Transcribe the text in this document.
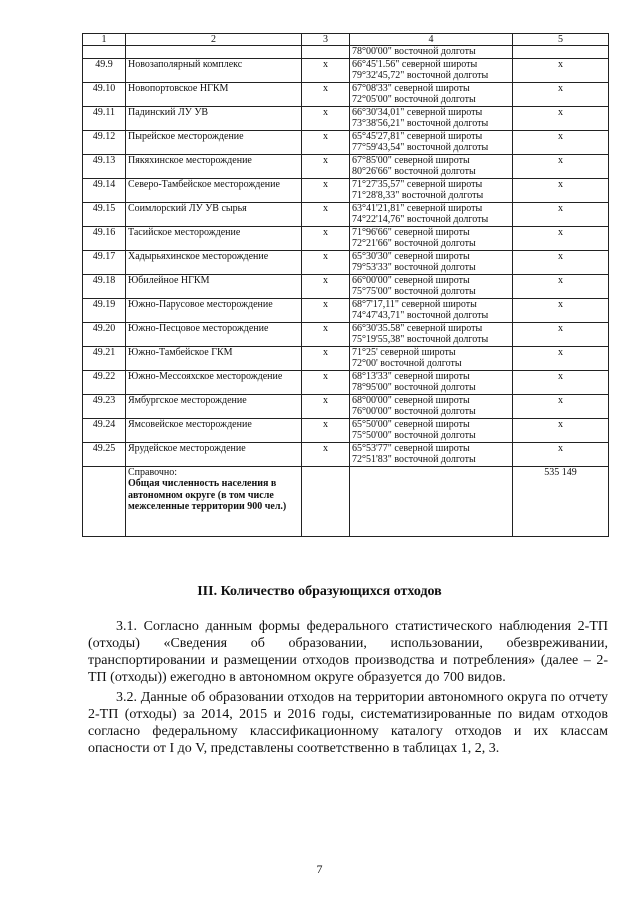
1	2	3	4	5
			78°00'00" восточной долготы	
49.9	Новозаполярный комплекс	x	66°45'1.56" северной широты
79°32'45,72" восточной долготы	x
49.10	Новопортовское НГКМ	x	67°08'33" северной широты
72°05'00" восточной долготы	x
49.11	Падинский ЛУ УВ	x	66°30'34,01" северной широты
73°38'56,21" восточной долготы	x
49.12	Пырейское месторождение	x	65°45'27,81" северной широты
77°59'43,54" восточной долготы	x
49.13	Пякяхинское месторождение	x	67°85'00" северной широты
80°26'66" восточной долготы	x
49.14	Северо-Тамбейское месторождение	x	71°27'35,57" северной широты
71°28'8,33" восточной долготы	x
49.15	Соимлорский ЛУ УВ сырья	x	63°41'21,81" северной широты
74°22'14,76" восточной долготы	x
49.16	Тасийское месторождение	x	71°96'66" северной широты
72°21'66" восточной долготы	x
49.17	Хадырьяхинское месторождение	x	65°30'30" северной широты
79°53'33" восточной долготы	x
49.18	Юбилейное НГКМ	x	66°00'00" северной широты
75°75'00" восточной долготы	x
49.19	Южно-Парусовое месторождение	x	68°7'17,11" северной широты
74°47'43,71" восточной долготы	x
49.20	Южно-Песцовое месторождение	x	66°30'35.58" северной широты
75°19'55,38" восточной долготы	x
49.21	Южно-Тамбейское ГКМ	x	71°25' северной широты
72°00' восточной долготы	x
49.22	Южно-Мессояхское месторождение	x	68°13'33" северной широты
78°95'00" восточной долготы	x
49.23	Ямбургское месторождение	x	68°00'00" северной широты
76°00'00" восточной долготы	x
49.24	Ямсовейское месторождение	x	65°50'00" северной широты
75°50'00" восточной долготы	x
49.25	Ярудейское месторождение	x	65°53'77" северной широты
72°51'83" восточной долготы	x

	Справочно:
Общая численность населения в автономном округе (в том числе межселенные территории 900 чел.)			535 149
III. Количество образующихся отходов

3.1. Согласно данным формы федерального статистического наблюдения 2-ТП (отходы) «Сведения об образовании, использовании, обезвреживании, транспортировании и размещении отходов производства и потребления» (далее – 2-ТП (отходы)) ежегодно в автономном округе образуется до 700 видов.

3.2. Данные об образовании отходов на территории автономного округа по отчету 2-ТП (отходы) за 2014, 2015 и 2016 годы, систематизированные по видам отходов согласно федеральному классификационному каталогу отходов и их классам опасности от I до V, представлены соответственно в таблицах 1, 2, 3.

7
